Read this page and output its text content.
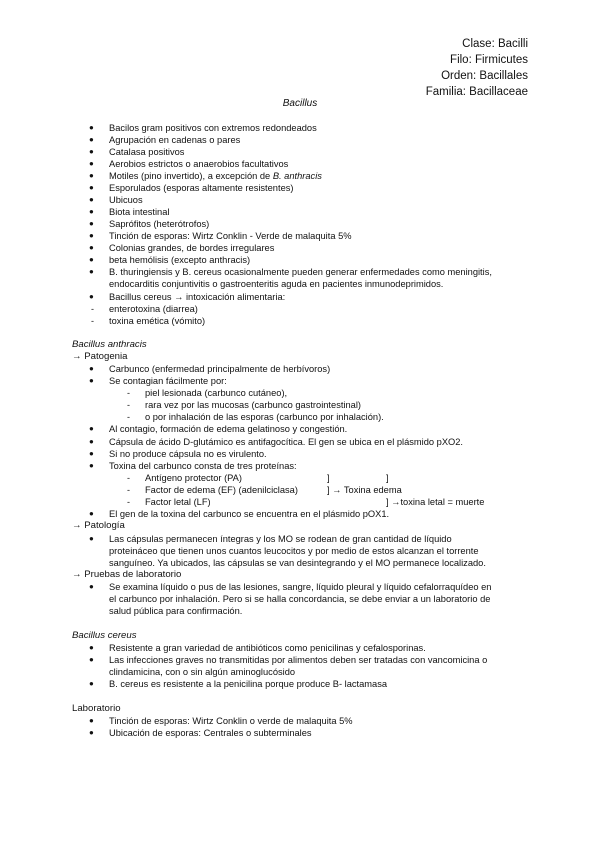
Clase: Bacilli
Filo: Firmicutes
Orden: Bacillales
Familia: Bacillaceae
Bacillus
● Bacilos gram positivos con extremos redondeados
● Agrupación en cadenas o pares
● Catalasa positivos
● Aerobios estrictos o anaerobios facultativos
● Motiles (pino invertido), a excepción de B. anthracis
● Esporulados (esporas altamente resistentes)
● Ubicuos
● Biota intestinal
● Saprófitos (heterótrofos)
● Tinción de esporas: Wirtz Conklin - Verde de malaquita 5%
● Colonias grandes, de bordes irregulares
● beta hemólisis (excepto anthracis)
● B. thuringiensis y B. cereus ocasionalmente pueden generar enfermedades como meningitis,
endocarditis conjuntivitis o gastroenteritis aguda en pacientes inmunodeprimidos.
● Bacillus cereus → intoxicación alimentaria:
- enterotoxina (diarrea)
- toxina emética (vómito)
Bacillus anthracis
→ Patogenia
● Carbunco (enfermedad principalmente de herbívoros)
● Se contagian fácilmente por:
- piel lesionada (carbunco cutáneo),
- rara vez por las mucosas (carbunco gastrointestinal)
- o por inhalación de las esporas (carbunco por inhalación).
● Al contagio, formación de edema gelatinoso y congestión.
● Cápsula de ácido D-glutámico es antifagocítica. El gen se ubica en el plásmido pXO2.
● Si no produce cápsula no es virulento.
● Toxina del carbunco consta de tres proteínas:
- Antígeno protector (PA)	]	]
- Factor de edema (EF) (adenilciclasa)	] → Toxina edema
- Factor letal (LF)	] →toxina letal = muerte
● El gen de la toxina del carbunco se encuentra en el plásmido pOX1.
→ Patología
● Las cápsulas permanecen íntegras y los MO se rodean de gran cantidad de líquido
proteináceo que tienen unos cuantos leucocitos y por medio de estos alcanzan el torrente
sanguíneo. Ya ubicados, las cápsulas se van desintegrando y el MO permanece localizado.
→ Pruebas de laboratorio
● Se examina líquido o pus de las lesiones, sangre, líquido pleural y líquido cefalorraquídeo en
el carbunco por inhalación. Pero si se halla concordancia, se debe enviar a un laboratorio de
salud pública para confirmación.
Bacillus cereus
● Resistente a gran variedad de antibióticos como penicilinas y cefalosporinas.
● Las infecciones graves no transmitidas por alimentos deben ser tratadas con vancomicina o
clindamicina, con o sin algún aminoglucósido
● B. cereus es resistente a la penicilina porque produce B- lactamasa
Laboratorio
● Tinción de esporas: Wirtz Conklin o verde de malaquita 5%
● Ubicación de esporas: Centrales o subterminales
